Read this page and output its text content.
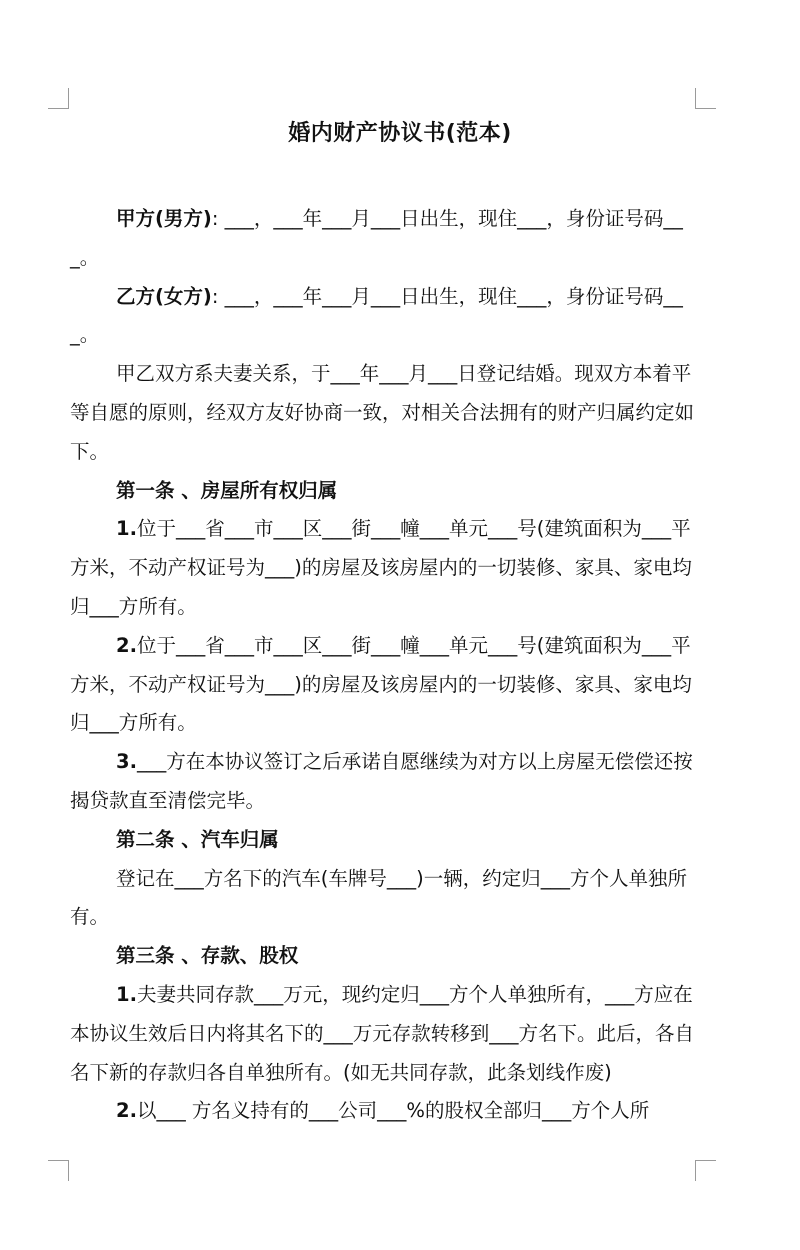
婚内财产协议书(范本)

甲方(男方): ___，___年___月___日出生，现住___，身份证号码___。

乙方(女方): ___，___年___月___日出生，现住___，身份证号码___。

甲乙双方系夫妻关系，于___年___月___日登记结婚。现双方本着平等自愿的原则，经双方友好协商一致，对相关合法拥有的财产归属约定如下。

第一条 、房屋所有权归属

1.位于___省___市___区___街___幢___单元___号(建筑面积为___平方米，不动产权证号为___)的房屋及该房屋内的一切装修、家具、家电均归___方所有。

2.位于___省___市___区___街___幢___单元___号(建筑面积为___平方米，不动产权证号为___)的房屋及该房屋内的一切装修、家具、家电均归___方所有。

3.___方在本协议签订之后承诺自愿继续为对方以上房屋无偿偿还按揭贷款直至清偿完毕。

第二条 、汽车归属

登记在___方名下的汽车(车牌号___)一辆，约定归___方个人单独所有。

第三条 、存款、股权

1.夫妻共同存款___万元，现约定归___方个人单独所有，___方应在本协议生效后日内将其名下的___万元存款转移到___方名下。此后，各自名下新的存款归各自单独所有。(如无共同存款，此条划线作废)

2.以___ 方名义持有的___公司___%的股权全部归___方个人所
